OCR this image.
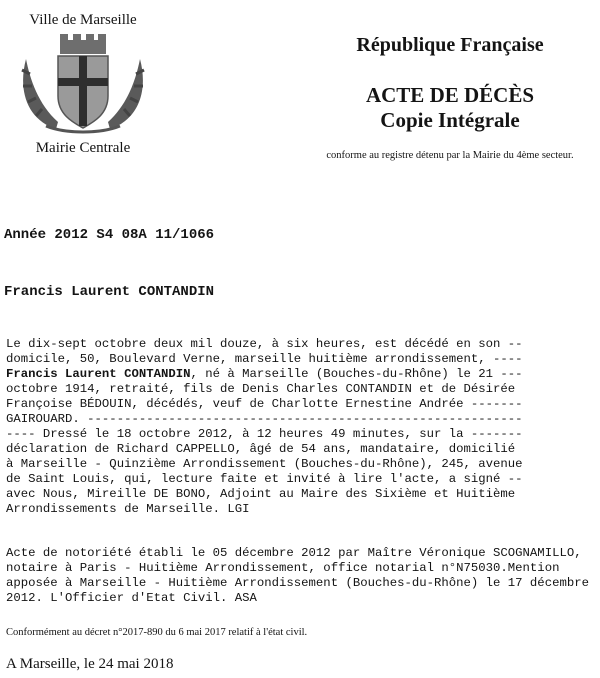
Ville de Marseille
Mairie Centrale
République Française
ACTE DE DÉCÈS
Copie Intégrale
conforme au registre détenu par la Mairie du 4ème secteur.
Année 2012 S4 08A 11/1066
Francis Laurent CONTANDIN
Le dix-sept octobre deux mil douze, à six heures, est décédé en son --
domicile, 50, Boulevard Verne, marseille huitième arrondissement, ----
Francis Laurent CONTANDIN, né à Marseille (Bouches-du-Rhône) le 21 ---
octobre 1914, retraité, fils de Denis Charles CONTANDIN et de Désirée
Françoise BÉDOUIN, décédés, veuf de Charlotte Ernestine Andrée -------
GAIROUARD. -----------------------------------------------------------
---- Dressé le 18 octobre 2012, à 12 heures 49 minutes, sur la -------
déclaration de Richard CAPPELLO, âgé de 54 ans, mandataire, domicilié
à Marseille - Quinzième Arrondissement (Bouches-du-Rhône), 245, avenue
de Saint Louis, qui, lecture faite et invité à lire l'acte, a signé --
avec Nous, Mireille DE BONO, Adjoint au Maire des Sixième et Huitième
Arrondissements de Marseille. LGI
Acte de notoriété établi le 05 décembre 2012 par Maître Véronique SCOGNAMILLO,
notaire à Paris - Huitième Arrondissement, office notarial n°N75030.Mention
apposée à Marseille - Huitième Arrondissement (Bouches-du-Rhône) le 17 décembre
2012. L'Officier d'Etat Civil. ASA
Conformément au décret n°2017-890 du 6 mai 2017 relatif à l'état civil.
A Marseille, le 24 mai 2018
